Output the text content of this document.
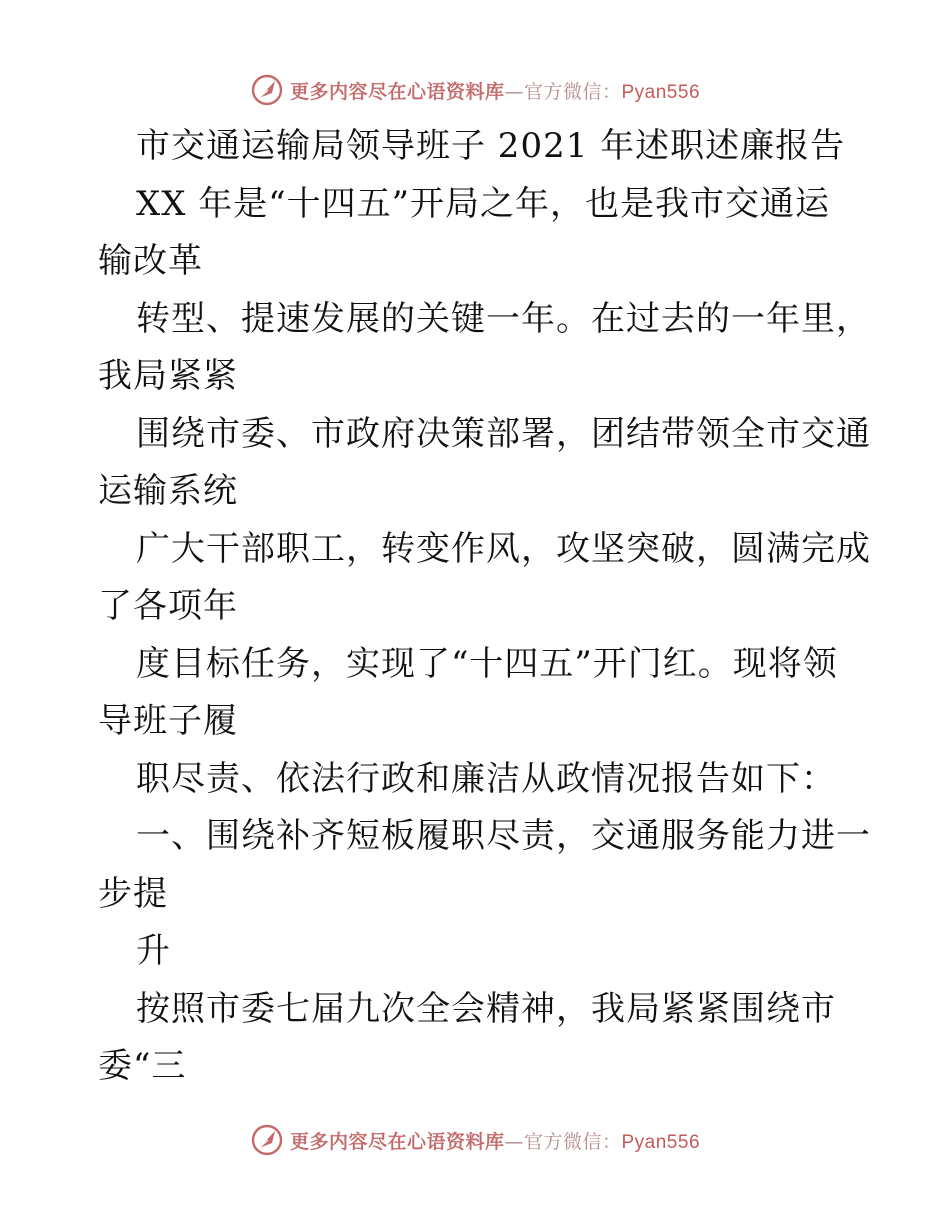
更多内容尽在心语资料库—官方微信：Pyan556
市交通运输局领导班子 2021 年述职述廉报告
XX 年是“十四五”开局之年，也是我市交通运
输改革
转型、提速发展的关键一年。在过去的一年里，
我局紧紧
围绕市委、市政府决策部署，团结带领全市交通
运输系统
广大干部职工，转变作风，攻坚突破，圆满完成
了各项年
度目标任务，实现了“十四五”开门红。现将领
导班子履
职尽责、依法行政和廉洁从政情况报告如下：
一、围绕补齐短板履职尽责，交通服务能力进一
步提
升
按照市委七届九次全会精神，我局紧紧围绕市
委“三
更多内容尽在心语资料库—官方微信：Pyan556
